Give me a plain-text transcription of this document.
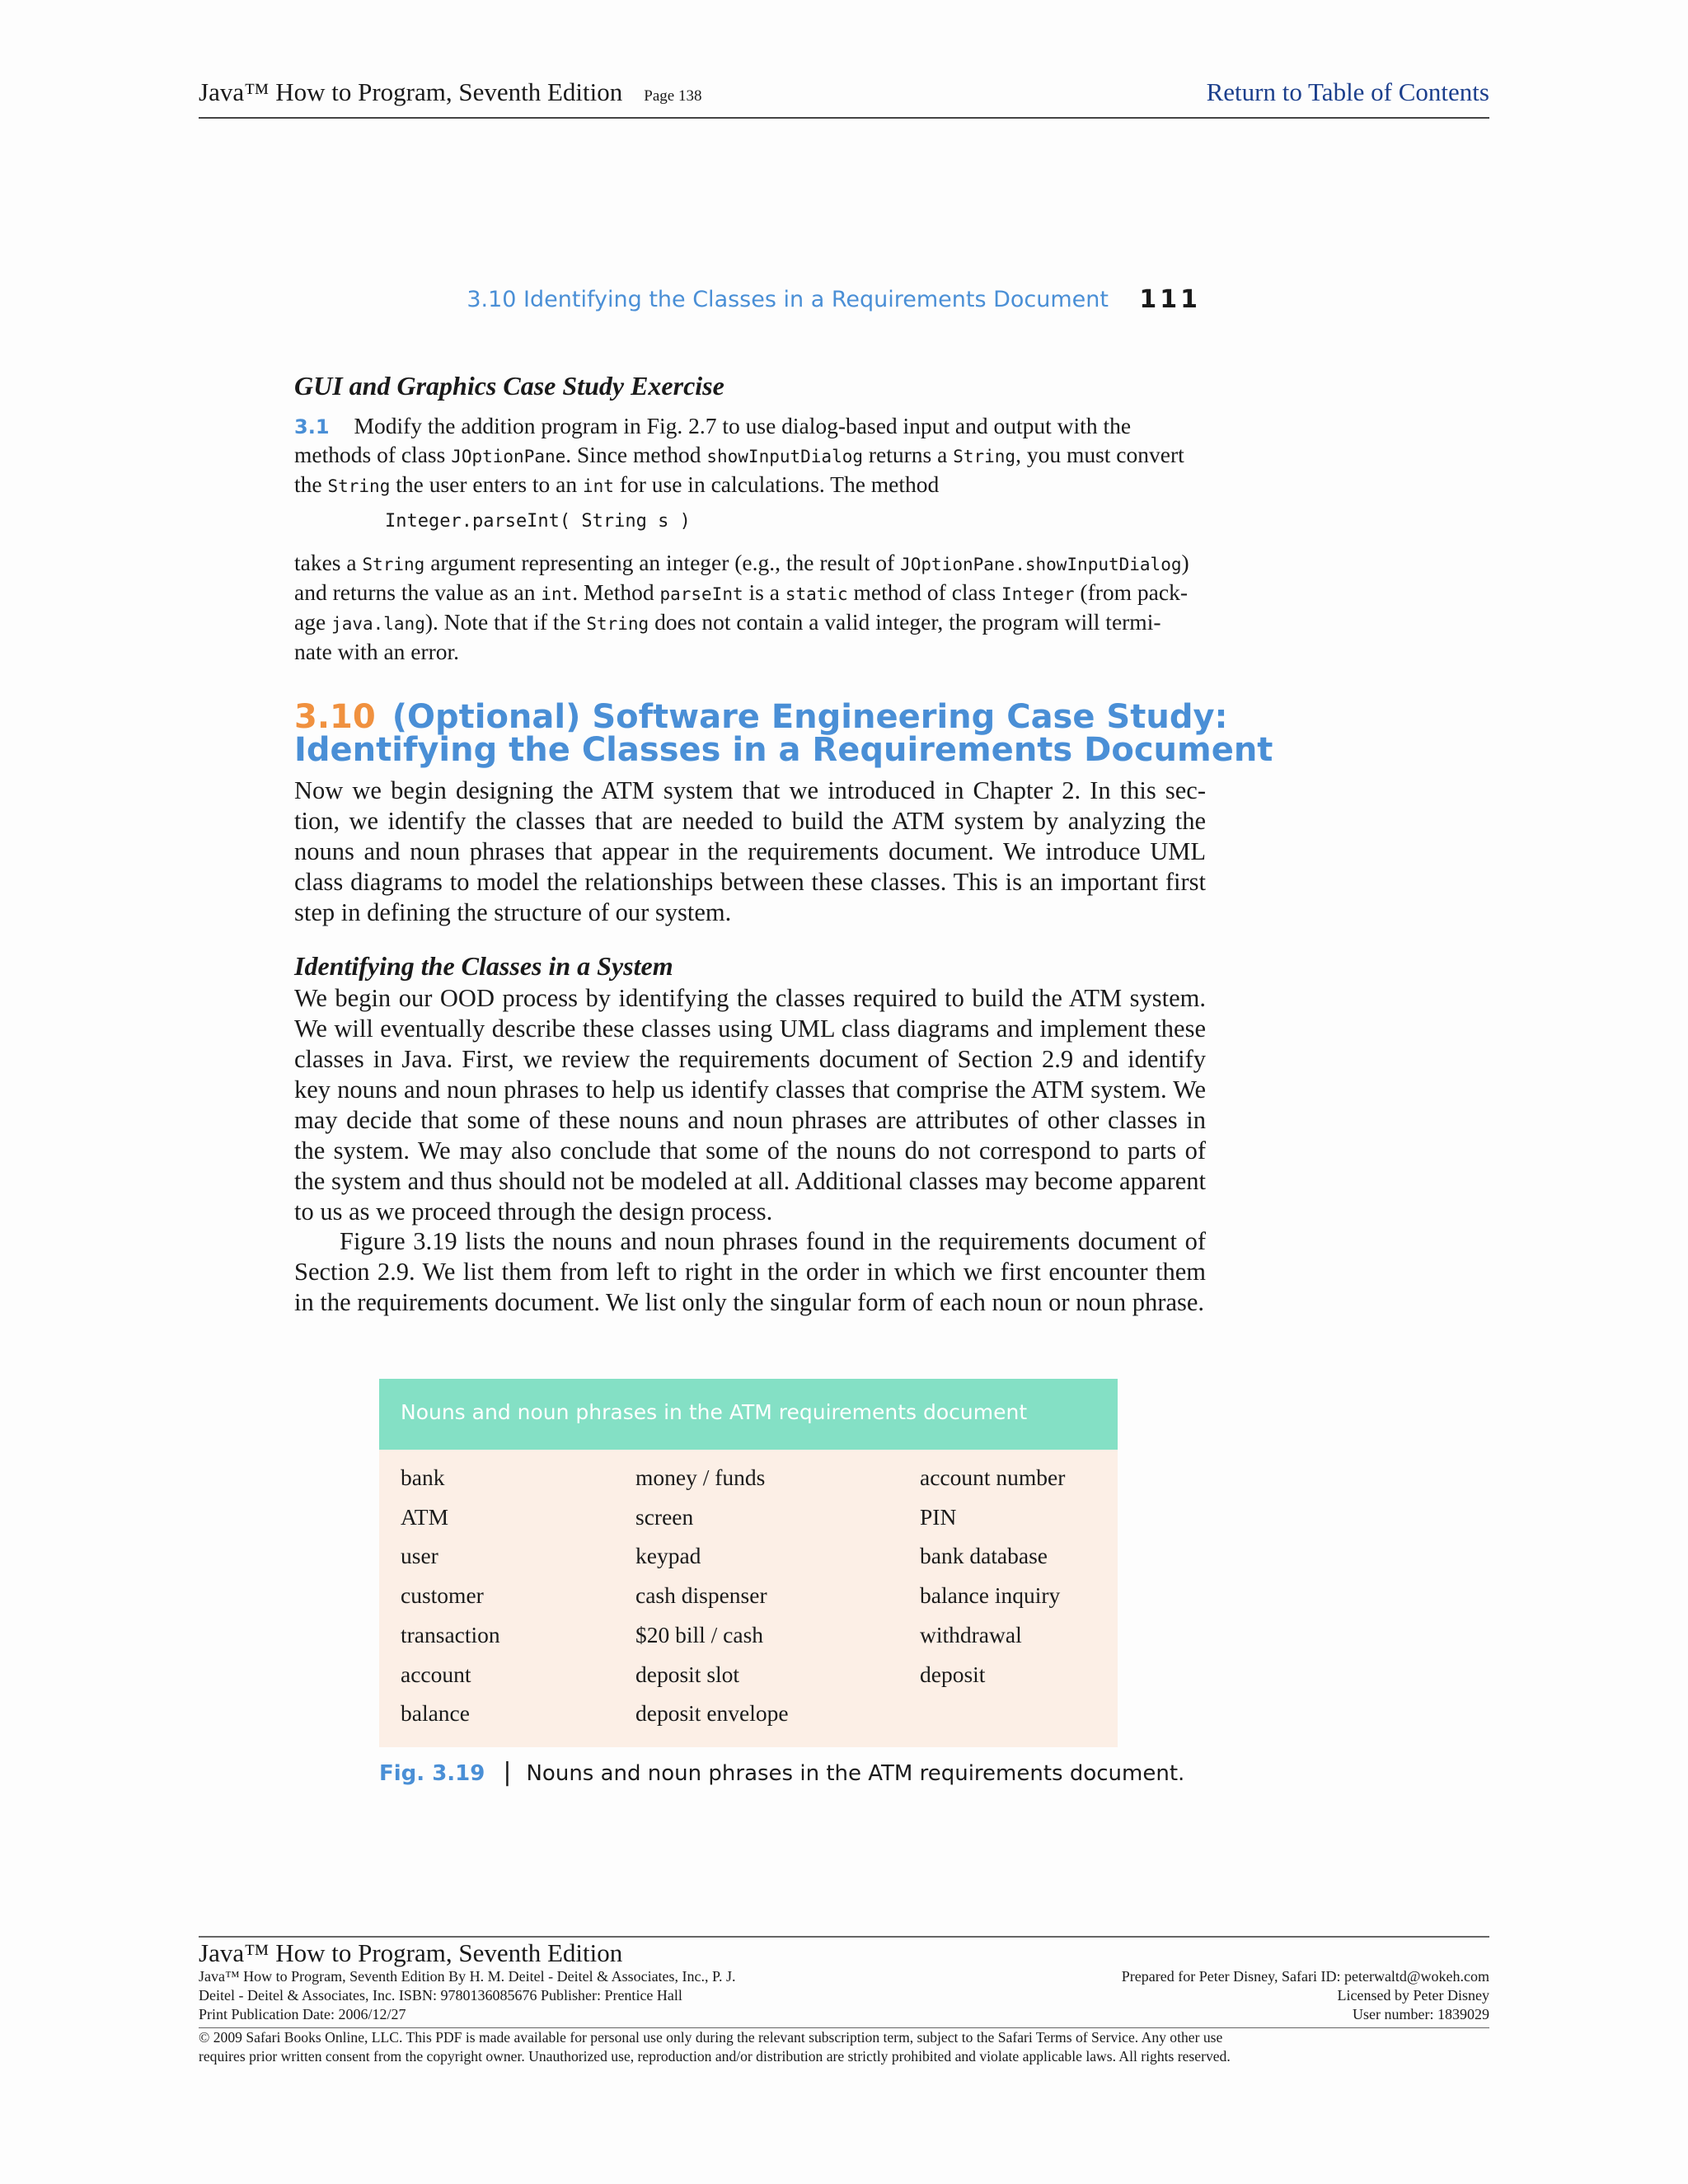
Java™ How to Program, Seventh Edition Page 138	Return to Table of Contents
3.10 Identifying the Classes in a Requirements Document 111
GUI and Graphics Case Study Exercise
3.1 Modify the addition program in Fig. 2.7 to use dialog-based input and output with the
methods of class JOptionPane. Since method showInputDialog returns a String, you must convert
the String the user enters to an int for use in calculations. The method
Integer.parseInt( String s )
takes a String argument representing an integer (e.g., the result of JOptionPane.showInputDialog)
and returns the value as an int. Method parseInt is a static method of class Integer (from pack-
age java.lang). Note that if the String does not contain a valid integer, the program will termi-
nate with an error.
3.10 (Optional) Software Engineering Case Study:
Identifying the Classes in a Requirements Document
Now we begin designing the ATM system that we introduced in Chapter 2. In this sec- tion, we identify the classes that are needed to build the ATM system by analyzing the nouns and noun phrases that appear in the requirements document. We introduce UML class diagrams to model the relationships between these classes. This is an important first step in defining the structure of our system.
Identifying the Classes in a System
We begin our OOD process by identifying the classes required to build the ATM system. We will eventually describe these classes using UML class diagrams and implement these classes in Java. First, we review the requirements document of Section 2.9 and identify key nouns and noun phrases to help us identify classes that comprise the ATM system. We may decide that some of these nouns and noun phrases are attributes of other classes in the system. We may also conclude that some of the nouns do not correspond to parts of the system and thus should not be modeled at all. Additional classes may become apparent to us as we proceed through the design process.
Figure 3.19 lists the nouns and noun phrases found in the requirements document of Section 2.9. We list them from left to right in the order in which we first encounter them in the requirements document. We list only the singular form of each noun or noun phrase.
Nouns and noun phrases in the ATM requirements document
bank
ATM
user
customer
transaction
account
balance
money / funds
screen
keypad
cash dispenser
$20 bill / cash
deposit slot
deposit envelope
account number
PIN
bank database
balance inquiry
withdrawal
deposit
Fig. 3.19 | Nouns and noun phrases in the ATM requirements document.
Java™ How to Program, Seventh Edition
Java™ How to Program, Seventh Edition By H. M. Deitel - Deitel & Associates, Inc., P. J.
Deitel - Deitel & Associates, Inc. ISBN: 9780136085676 Publisher: Prentice Hall
Print Publication Date: 2006/12/27
Prepared for Peter Disney, Safari ID: peterwaltd@wokeh.com
Licensed by Peter Disney
User number: 1839029
© 2009 Safari Books Online, LLC. This PDF is made available for personal use only during the relevant subscription term, subject to the Safari Terms of Service. Any other use
requires prior written consent from the copyright owner. Unauthorized use, reproduction and/or distribution are strictly prohibited and violate applicable laws. All rights reserved.
